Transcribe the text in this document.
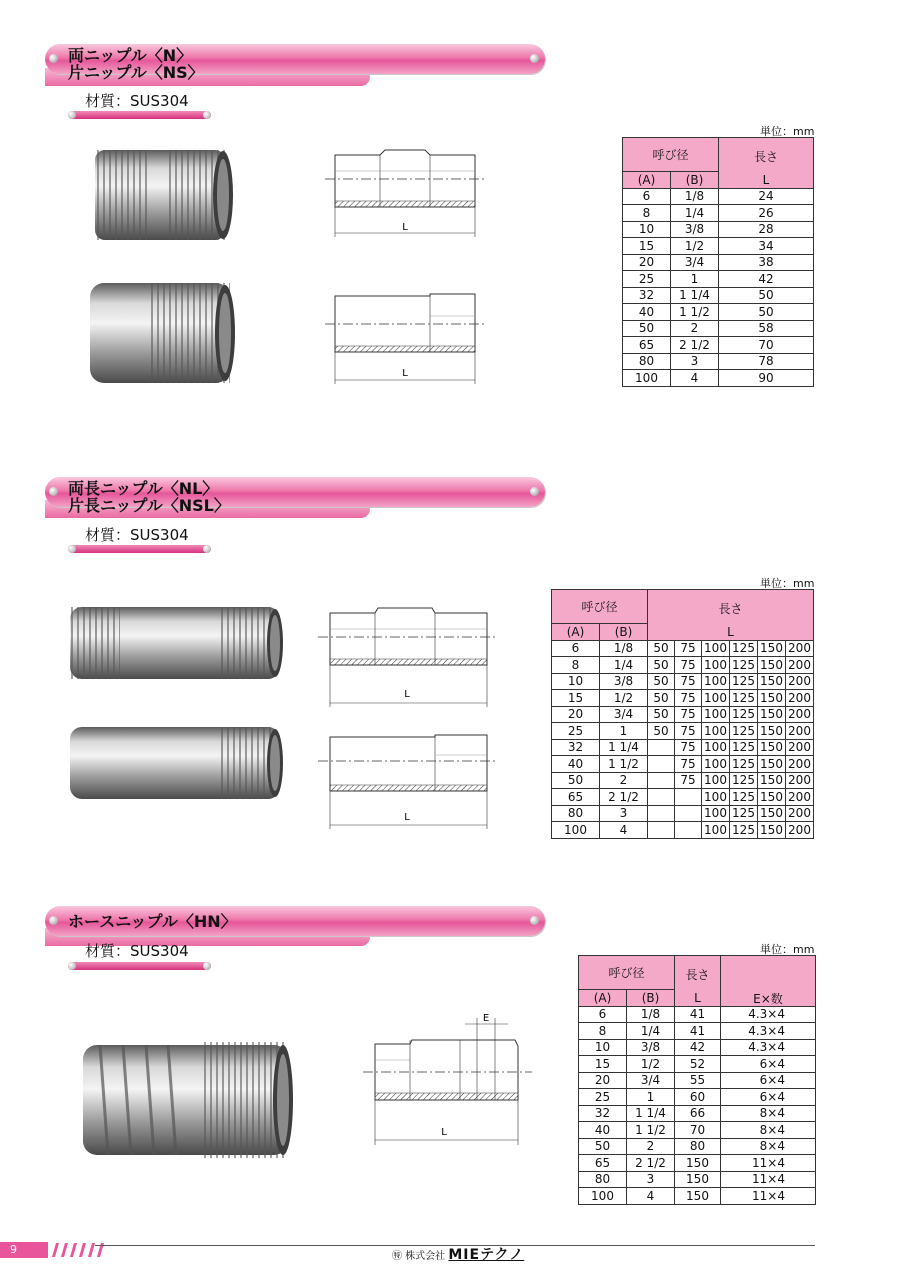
両ニップル〈N〉
片ニップル〈NS〉
材質：SUS304
L
L
単位：mm
呼び径		長さ
L

(A)	(B)	
6	1/8	24
8	1/4	26
10	3/8	28
15	1/2	34
20	3/4	38
25	1	42
32	1 1/4	50
40	1 1/2	50
50	2	58
65	2 1/2	70
80	3	78
100	4	90
両長ニップル〈NL〉
片長ニップル〈NSL〉
材質：SUS304
L
L
単位：mm
呼び径		長さ
L					

(A)	(B)						
6	1/8	50	75	100	125	150	200
8	1/4	50	75	100	125	150	200
10	3/8	50	75	100	125	150	200
15	1/2	50	75	100	125	150	200
20	3/4	50	75	100	125	150	200
25	1	50	75	100	125	150	200
32	1 1/4		75	100	125	150	200
40	1 1/2		75	100	125	150	200
50	2		75	100	125	150	200
65	2 1/2			100	125	150	200
80	3			100	125	150	200
100	4			100	125	150	200
ホースニップル〈HN〉
材質：SUS304
E
L
単位：mm
呼び径		長さ
L	E×数
(A)	(B)		
6	1/8	41	4.3×4
8	1/4	41	4.3×4
10	3/8	42	4.3×4
15	1/2	52	6×4
20	3/4	55	6×4
25	1	60	6×4
32	1 1/4	66	8×4
40	1 1/2	70	8×4
50	2	80	8×4
65	2 1/2	150	11×4
80	3	150	11×4
100	4	150	11×4
9
㊕ 株式会社 MIEテクノ
